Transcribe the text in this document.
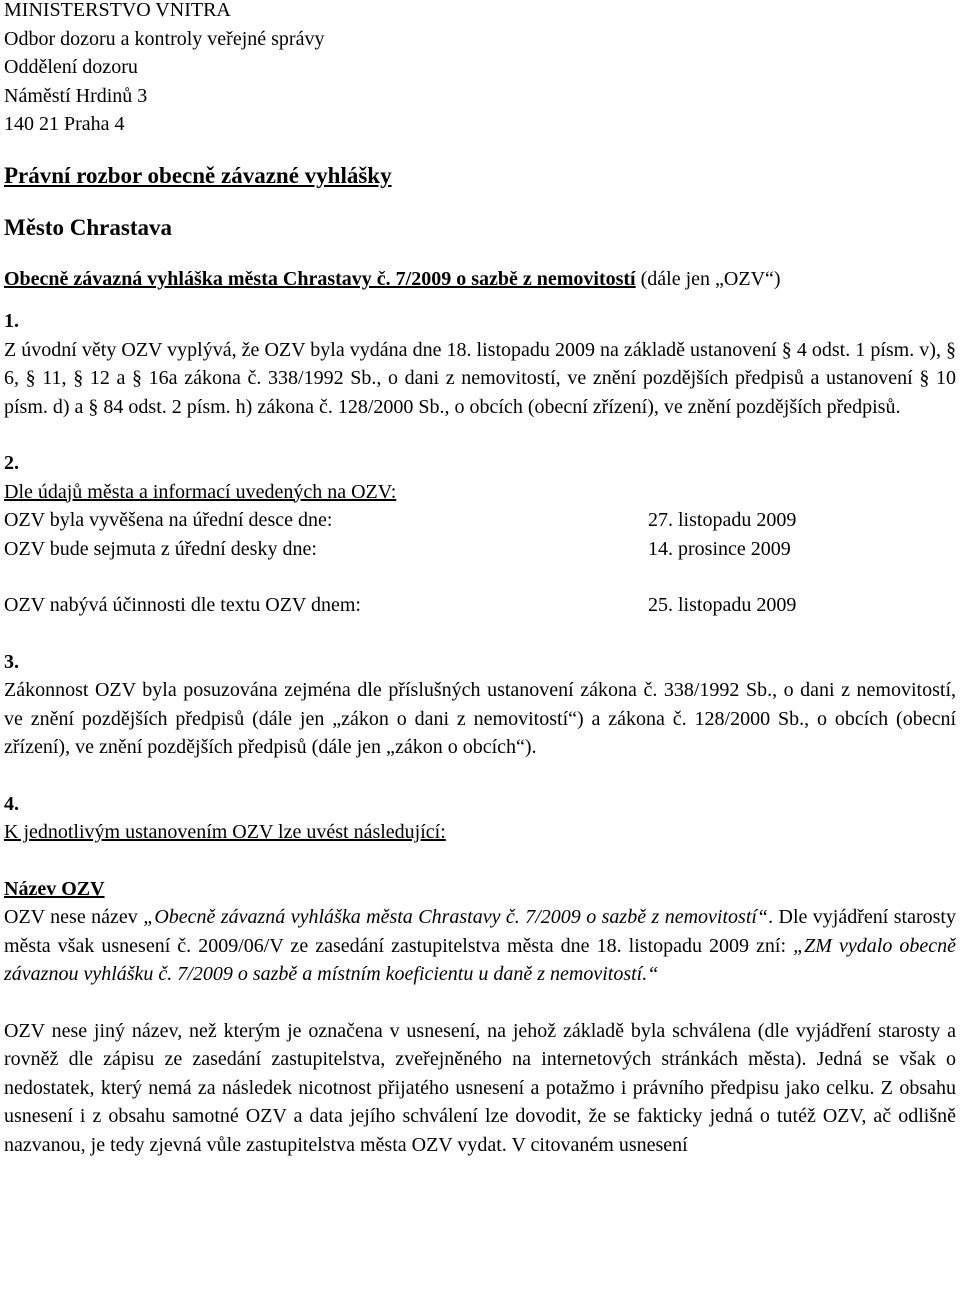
MINISTERSTVO VNITRA

Odbor dozoru a kontroly veřejné správy

Oddělení dozoru

Náměstí Hrdinů 3

140 21 Praha 4

Právní rozbor obecně závazné vyhlášky

Město Chrastava

Obecně závazná vyhláška města Chrastavy č. 7/2009 o sazbě z nemovitostí (dále jen „OZV“)

1.

Z úvodní věty OZV vyplývá, že OZV byla vydána dne 18. listopadu 2009 na základě ustanovení § 4 odst. 1 písm. v), § 6, § 11, § 12 a § 16a zákona č. 338/1992 Sb., o dani z nemovitostí, ve znění pozdějších předpisů a ustanovení § 10 písm. d) a § 84 odst. 2 písm. h) zákona č. 128/2000 Sb., o obcích (obecní zřízení), ve znění pozdějších předpisů.

2.

Dle údajů města a informací uvedených na OZV:

OZV byla vyvěšena na úřední desce dne:	27. listopadu 2009
OZV bude sejmuta z úřední desky dne:	14. prosince 2009
OZV nabývá účinnosti dle textu OZV dnem:	25. listopadu 2009

3.

Zákonnost OZV byla posuzována zejména dle příslušných ustanovení zákona č. 338/1992 Sb., o dani z nemovitostí, ve znění pozdějších předpisů (dále jen „zákon o dani z nemovitostí“) a zákona č. 128/2000 Sb., o obcích (obecní zřízení), ve znění pozdějších předpisů (dále jen „zákon o obcích“).

4.

K jednotlivým ustanovením OZV lze uvést následující:

Název OZV

OZV nese název „Obecně závazná vyhláška města Chrastavy č. 7/2009 o sazbě z nemovitostí“. Dle vyjádření starosty města však usnesení č. 2009/06/V ze zasedání zastupitelstva města dne 18. listopadu 2009 zní: „ZM vydalo obecně závaznou vyhlášku č. 7/2009 o sazbě a místním koeficientu u daně z nemovitostí.“

OZV nese jiný název, než kterým je označena v usnesení, na jehož základě byla schválena (dle vyjádření starosty a rovněž dle zápisu ze zasedání zastupitelstva, zveřejněného na internetových stránkách města). Jedná se však o nedostatek, který nemá za následek nicotnost přijatého usnesení a potažmo i právního předpisu jako celku. Z obsahu usnesení i z obsahu samotné OZV a data jejího schválení lze dovodit, že se fakticky jedná o tutéž OZV, ač odlišně nazvanou, je tedy zjevná vůle zastupitelstva města OZV vydat. V citovaném usnesení
